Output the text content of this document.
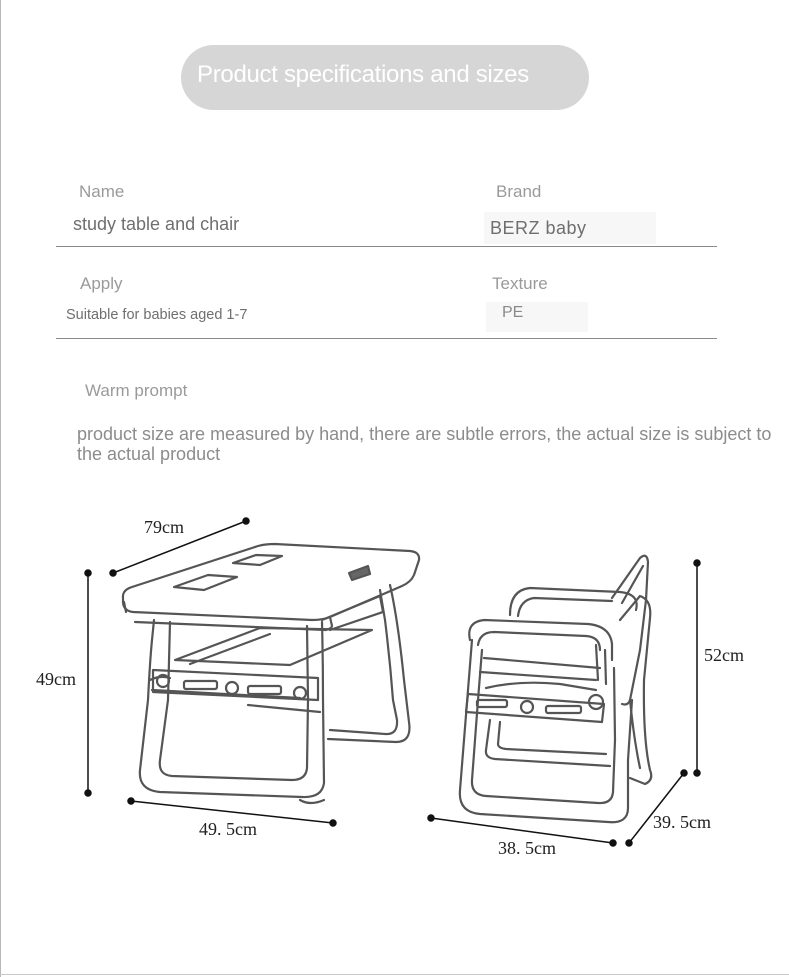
Product specifications and sizes
Name	Brand
study table and chair	BERZ baby
Apply	Texture
Suitable for babies aged 1-7	PE
Warm prompt
product size are measured by hand, there are subtle errors, the actual size is subject to the actual product
79cm
49cm
49. 5cm
52cm
38. 5cm
39. 5cm
